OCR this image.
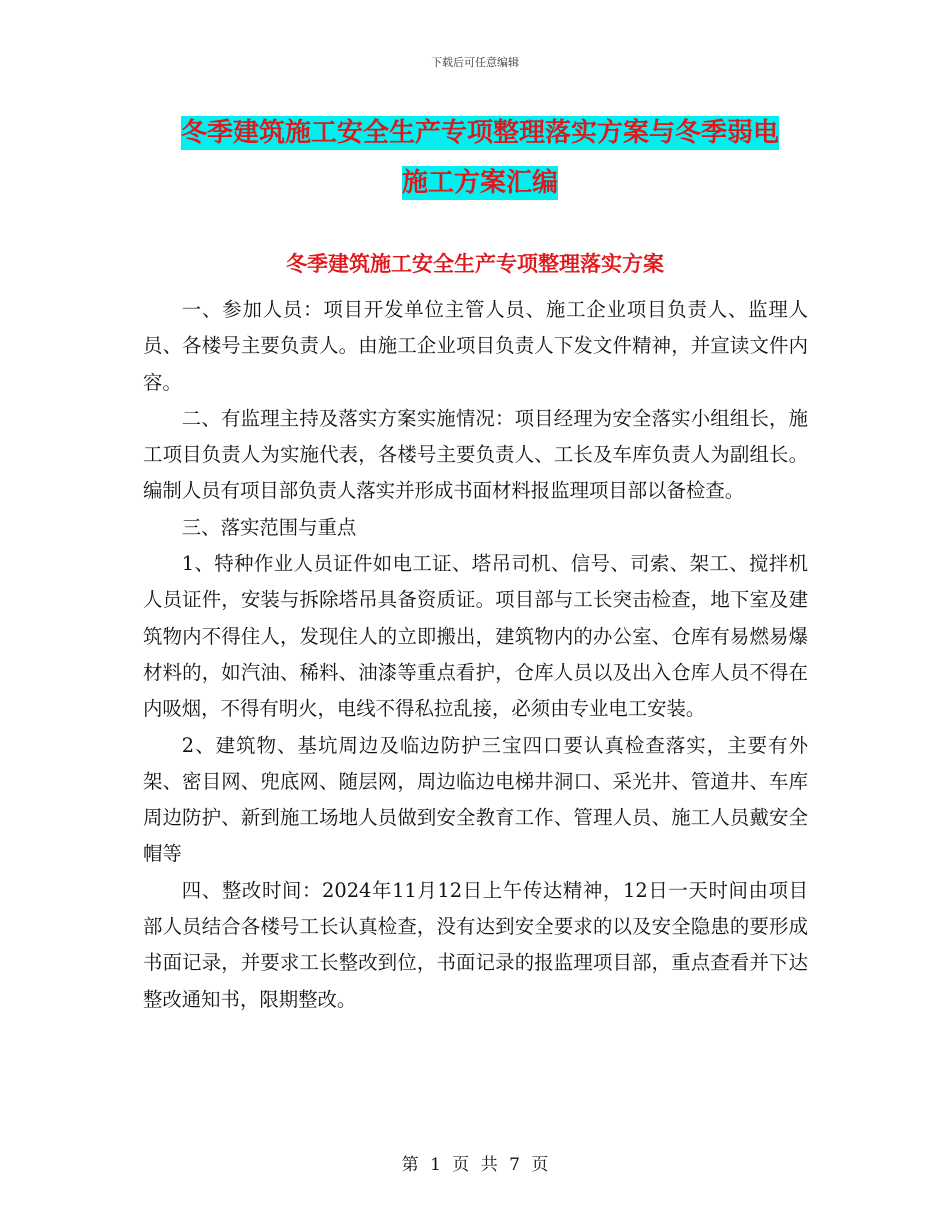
下载后可任意编辑
冬季建筑施工安全生产专项整理落实方案与冬季弱电
施工方案汇编
冬季建筑施工安全生产专项整理落实方案

一、参加人员：项目开发单位主管人员、施工企业项目负责人、监理人员、各楼号主要负责人。由施工企业项目负责人下发文件精神，并宣读文件内容。

二、有监理主持及落实方案实施情况：项目经理为安全落实小组组长，施工项目负责人为实施代表，各楼号主要负责人、工长及车库负责人为副组长。编制人员有项目部负责人落实并形成书面材料报监理项目部以备检查。

三、落实范围与重点

1、特种作业人员证件如电工证、塔吊司机、信号、司索、架工、搅拌机人员证件，安装与拆除塔吊具备资质证。项目部与工长突击检查，地下室及建筑物内不得住人，发现住人的立即搬出，建筑物内的办公室、仓库有易燃易爆材料的，如汽油、稀料、油漆等重点看护，仓库人员以及出入仓库人员不得在内吸烟，不得有明火，电线不得私拉乱接，必须由专业电工安装。

2、建筑物、基坑周边及临边防护三宝四口要认真检查落实，主要有外架、密目网、兜底网、随层网，周边临边电梯井洞口、采光井、管道井、车库周边防护、新到施工场地人员做到安全教育工作、管理人员、施工人员戴安全帽等

四、整改时间：2024年11月12日上午传达精神，12日一天时间由项目部人员结合各楼号工长认真检查，没有达到安全要求的以及安全隐患的要形成书面记录，并要求工长整改到位，书面记录的报监理项目部，重点查看并下达整改通知书，限期整改。

第 1 页 共 7 页
